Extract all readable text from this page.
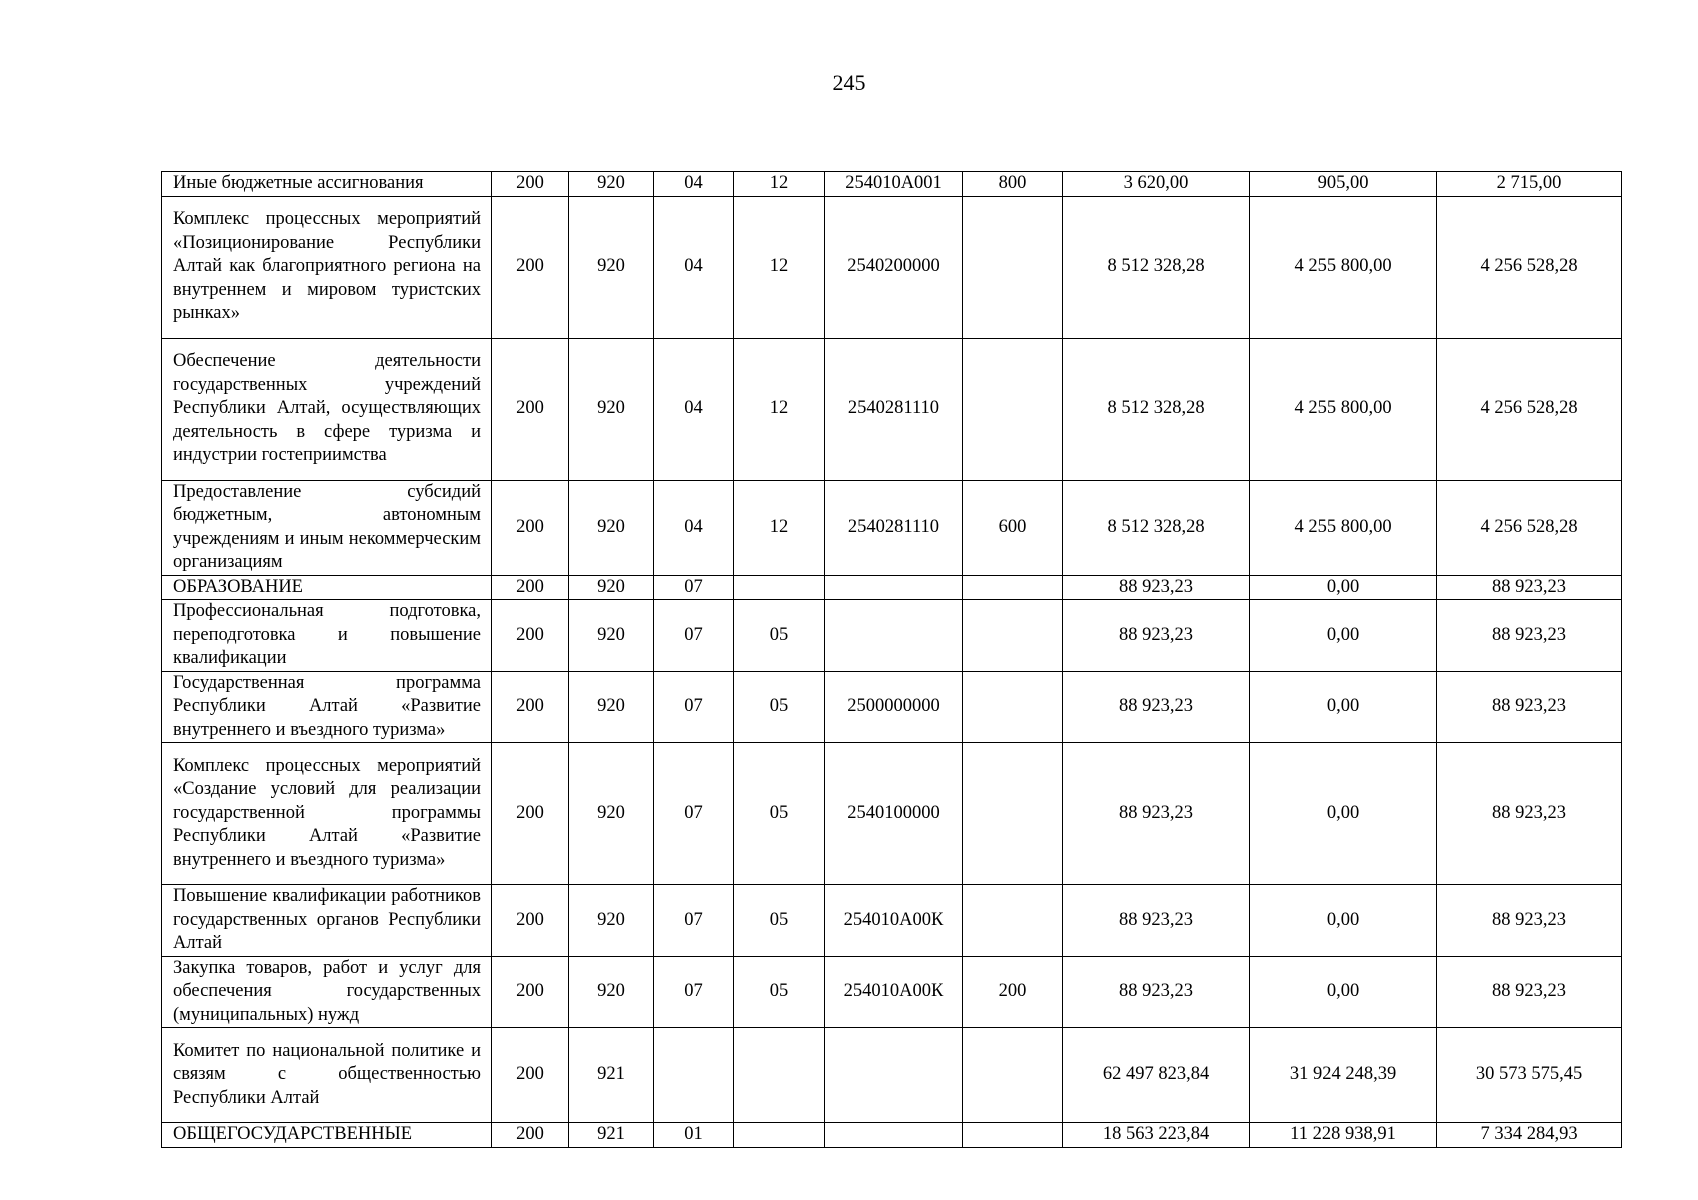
245
Иные бюджетные ассигнования	200	920	04	12	254010А001	800	3 620,00	905,00	2 715,00
Комплекс процессных мероприятий «Позиционирование Республики Алтай как благоприятного региона на внутреннем и мировом туристских рынках»	200	920	04	12	2540200000		8 512 328,28	4 255 800,00	4 256 528,28
Обеспечение деятельности государственных учреждений Республики Алтай, осуществляющих деятельность в сфере туризма и индустрии гостеприимства	200	920	04	12	2540281110		8 512 328,28	4 255 800,00	4 256 528,28
Предоставление субсидий бюджетным, автономным учреждениям и иным некоммерческим организациям	200	920	04	12	2540281110	600	8 512 328,28	4 255 800,00	4 256 528,28
ОБРАЗОВАНИЕ	200	920	07				88 923,23	0,00	88 923,23
Профессиональная подготовка, переподготовка и повышение квалификации	200	920	07	05			88 923,23	0,00	88 923,23
Государственная программа Республики Алтай «Развитие внутреннего и въездного туризма»	200	920	07	05	2500000000		88 923,23	0,00	88 923,23
Комплекс процессных мероприятий «Создание условий для реализации государственной программы Республики Алтай «Развитие внутреннего и въездного туризма»	200	920	07	05	2540100000		88 923,23	0,00	88 923,23
Повышение квалификации работников государственных органов Республики Алтай	200	920	07	05	254010А00К		88 923,23	0,00	88 923,23
Закупка товаров, работ и услуг для обеспечения государственных (муниципальных) нужд	200	920	07	05	254010А00К	200	88 923,23	0,00	88 923,23
Комитет по национальной политике и связям с общественностью Республики Алтай	200	921					62 497 823,84	31 924 248,39	30 573 575,45
ОБЩЕГОСУДАРСТВЕННЫЕ	200	921	01				18 563 223,84	11 228 938,91	7 334 284,93
